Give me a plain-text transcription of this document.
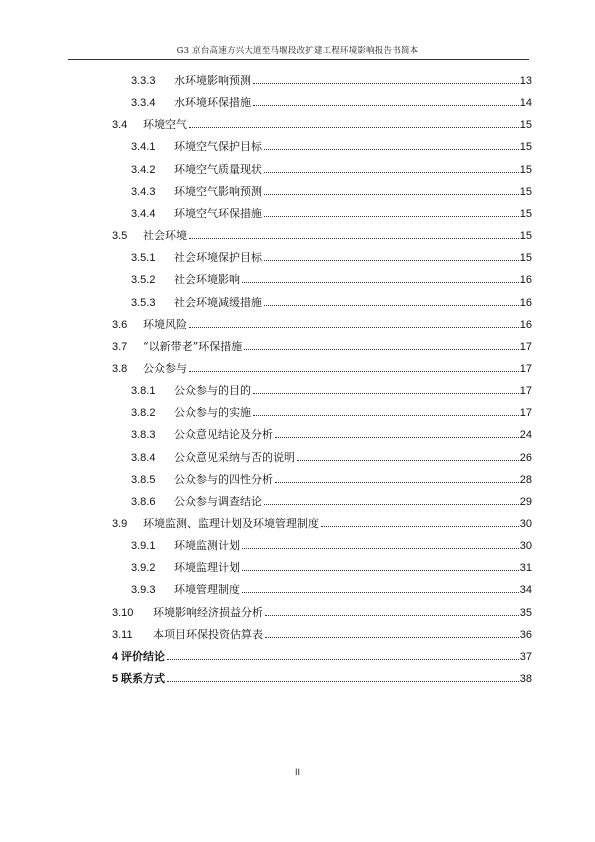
G3 京台高速方兴大道至马堰段改扩建工程环境影响报告书简本
3.3.3	水环境影响预测	13
3.3.4	水环境环保措施	14
3.4	环境空气	15
3.4.1	环境空气保护目标	15
3.4.2	环境空气质量现状	15
3.4.3	环境空气影响预测	15
3.4.4	环境空气环保措施	15
3.5	社会环境	15
3.5.1	社会环境保护目标	15
3.5.2	社会环境影响	16
3.5.3	社会环境减缓措施	16
3.6	环境风险	16
3.7	“以新带老”环保措施	17
3.8	公众参与	17
3.8.1	公众参与的目的	17
3.8.2	公众参与的实施	17
3.8.3	公众意见结论及分析	24
3.8.4	公众意见采纳与否的说明	26
3.8.5	公众参与的四性分析	28
3.8.6	公众参与调查结论	29
3.9	环境监测、监理计划及环境管理制度	30
3.9.1	环境监测计划	30
3.9.2	环境监理计划	31
3.9.3	环境管理制度	34
3.10	环境影响经济损益分析	35
3.11	本项目环保投资估算表	36
4 评价结论	37
5 联系方式	38
II
